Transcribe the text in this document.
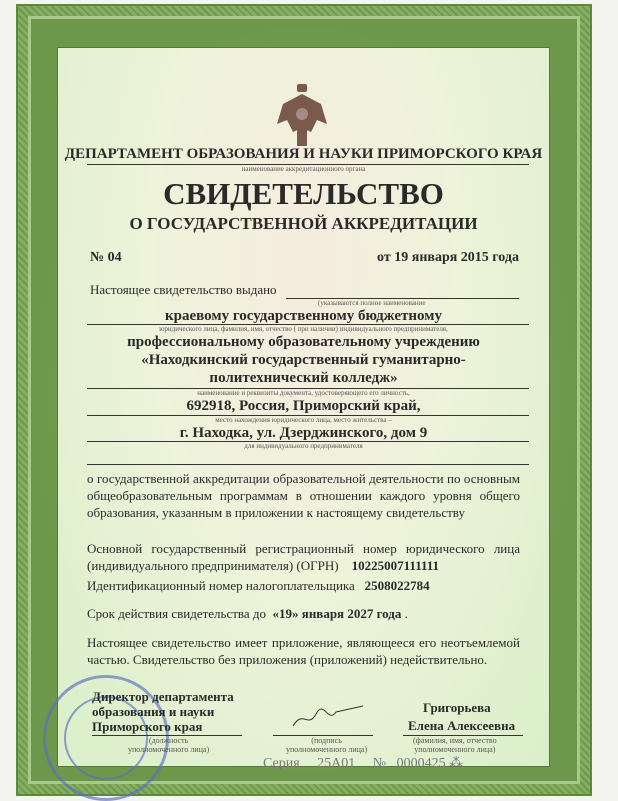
ДЕПАРТАМЕНТ ОБРАЗОВАНИЯ И НАУКИ ПРИМОРСКОГО КРАЯ
наименование аккредитационного органа
СВИДЕТЕЛЬСТВО
О ГОСУДАРСТВЕННОЙ АККРЕДИТАЦИИ
№ 04	от 19 января 2015 года
Настоящее свидетельство выдано
(указываются полное наименование
краевому государственному бюджетному
юридического лица, фамилия, имя, отчество ( при наличии) индивидуального предпринимателя,
профессиональному образовательному учреждению
«Находкинский государственный гуманитарно-
политехнический колледж»
наименование и реквизиты документа, удостоверяющего его личность,
692918, Россия, Приморский край,
место нахождения юридического лица, место жительства –
г. Находка, ул. Дзерджинского, дом 9
для индивидуального предпринимателя
о государственной аккредитации образовательной деятельности по основным общеобразовательным программам в отношении каждого уровня общего образования, указанным в приложении к настоящему свидетельству
Основной государственный регистрационный номер юридического лица (индивидуального предпринимателя) (ОГРН) 10225007111111
Идентификационный номер налогоплательщика 2508022784
Срок действия свидетельства до «19» января 2027 года .
Настоящее свидетельство имеет приложение, являющееся его неотъемлемой частью. Свидетельство без приложения (приложений) недействительно.
Директор департамента
образования и науки
Приморского края
(должность
уполномоченного лица)
(подпись
уполномоченного лица)
Григорьева
Елена Алексеевна
(фамилия, имя, отчество
уполномоченного лица)
Серия 25А01 № 0000425 ⁂
